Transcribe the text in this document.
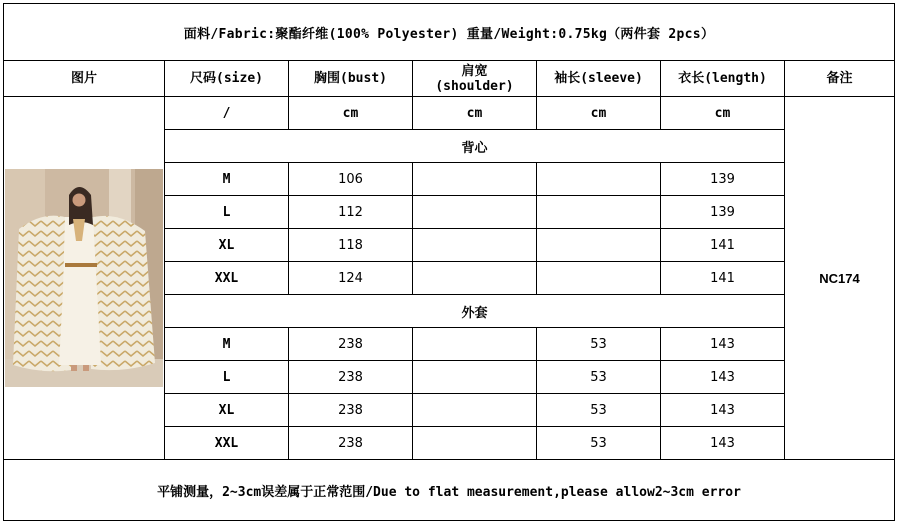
面料/Fabric:聚酯纤维(100% Polyester) 重量/Weight:0.75kg（两件套 2pcs）						
图片	尺码(size)	胸围(bust)	肩宽
(shoulder)	袖长(sleeve)	衣长(length)	备注

	/	cm	cm	cm	cm	NC174
	背心					
	M	106			139	
	L	112			139	
	XL	118			141	
	XXL	124			141	
	外套					
	M	238		53	143	
	L	238		53	143	
	XL	238		53	143	
	XXL	238		53	143	
平铺测量，2~3cm误差属于正常范围/Due to flat measurement,please allow2~3cm error						
